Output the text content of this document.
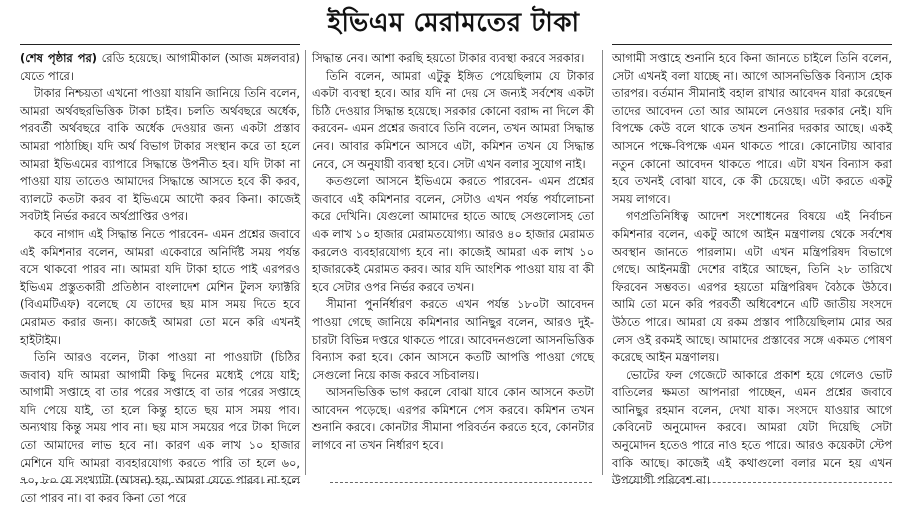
ইভিএম মেরামতের টাকা

(শেষ পৃষ্ঠার পর) রেডি হয়েছে। আগামীকাল (আজ মঙ্গলবার) যেতে পারে।

টাকার নিশ্চয়তা এখনো পাওয়া যায়নি জানিয়ে তিনি বলেন, আমরা অর্থবছরভিত্তিক টাকা চাইব। চলতি অর্থবছরে অর্ধেক, পরবর্তী অর্থবছরে বাকি অর্ধেক দেওয়ার জন্য একটা প্রস্তাব আমরা পাঠাচ্ছি। যদি অর্থ বিভাগ টাকার সংস্থান করে তা হলে আমরা ইভিএমের ব্যাপারে সিদ্ধান্তে উপনীত হব। যদি টাকা না পাওয়া যায় তাতেও আমাদের সিদ্ধান্তে আসতে হবে কী করব, ব্যালটে কতটা করব বা ইভিএমে আদৌ করব কিনা। কাজেই সবটাই নির্ভর করবে অর্থপ্রাপ্তির ওপর।

কবে নাগাদ এই সিদ্ধান্ত নিতে পারবেন- এমন প্রশ্নের জবাবে এই কমিশনার বলেন, আমরা একেবারে অনির্দিষ্ট সময় পর্যন্ত বসে থাকবো পারব না। আমরা যদি টাকা হাতে পাই এরপরও ইভিএম প্রস্তুতকারী প্রতিষ্ঠান বাংলাদেশ মেশিন টুলস ফ্যাক্টরি (বিএমটিএফ) বলেছে যে তাদের ছয় মাস সময় দিতে হবে মেরামত করার জন্য। কাজেই আমরা তো মনে করি এখনই হাইটাইম।

তিনি আরও বলেন, টাকা পাওয়া না পাওয়াটা (চিঠির জবাব) যদি আমরা আগামী কিছু দিনের মধ্যেই পেয়ে যাই; আগামী সপ্তাহে বা তার পরের সপ্তাহে বা তার পরের সপ্তাহে যদি পেয়ে যাই, তা হলে কিন্তু হাতে ছয় মাস সময় পাব। অন্যথায় কিন্তু সময় পাব না। ছয় মাস সময়ের পরে টাকা দিলে তো আমাদের লাভ হবে না। কারণ এক লাখ ১০ হাজার মেশিনে যদি আমরা ব্যবহারযোগ্য করতে পারি তা হলে ৬০, ৭০, ৮০ যে সংখ্যাটা (আসন) হয়, আমরা যেতে পারব। না হলে তো পারব না। বা করব কিনা তো পরে

সিদ্ধান্ত নেব। আশা করছি হয়তো টাকার ব্যবস্থা করবে সরকার।

তিনি বলেন, আমরা এটুকু ইঙ্গিত পেয়েছিলাম যে টাকার একটা ব্যবস্থা হবে। আর যদি না দেয় সে জন্যই সর্বশেষ একটা চিঠি দেওয়ার সিদ্ধান্ত হয়েছে। সরকার কোনো বরাদ্দ না দিলে কী করবেন- এমন প্রশ্নের জবাবে তিনি বলেন, তখন আমরা সিদ্ধান্ত নেব। আবার কমিশনে আসবে এটা, কমিশন তখন যে সিদ্ধান্ত নেবে, সে অনুযায়ী ব্যবস্থা হবে। সেটা এখন বলার সুযোগ নাই।

কতগুলো আসনে ইভিএমে করতে পারবেন- এমন প্রশ্নের জবাবে এই কমিশনার বলেন, সেটাও এখন পর্যন্ত পর্যালোচনা করে দেখিনি। যেগুলো আমাদের হাতে আছে সেগুলোসহ তো এক লাখ ১০ হাজার মেরামতযোগ্য। আরও ৪০ হাজার মেরামত করলেও ব্যবহারযোগ্য হবে না। কাজেই আমরা এক লাখ ১০ হাজারকেই মেরামত করব। আর যদি আংশিক পাওয়া যায় বা কী হবে সেটার ওপর নির্ভর করবে তখন।

সীমানা পুনর্নির্ধারণ করতে এখন পর্যন্ত ১৮০টা আবেদন পাওয়া গেছে জানিয়ে কমিশনার আনিছুর বলেন, আরও দুই-চারটা বিভিন্ন দপ্তরে থাকতে পারে। আবেদনগুলো আসনভিত্তিক বিন্যাস করা হবে। কোন আসনে কতটি আপত্তি পাওয়া গেছে সেগুলো নিয়ে কাজ করবে সচিবালয়।

আসনভিত্তিক ভাগ করলে বোঝা যাবে কোন আসনে কতটা আবেদন পড়েছে। এরপর কমিশনে পেস করবে। কমিশন তখন শুনানি করবে। কোনটার সীমানা পরিবর্তন করতে হবে, কোনটার লাগবে না তখন নির্ধারণ হবে।

আগামী সপ্তাহে শুনানি হবে কিনা জানতে চাইলে তিনি বলেন, সেটা এখনই বলা যাচ্ছে না। আগে আসনভিত্তিক বিন্যাস হোক তারপর। বর্তমান সীমানাই বহাল রাখার আবেদন যারা করেছেন তাদের আবেদন তো আর আমলে নেওয়ার দরকার নেই। যদি বিপক্ষে কেউ বলে থাকে তখন শুনানির দরকার আছে। একই আসনে পক্ষে-বিপক্ষে এমন থাকতে পারে। কোনোটায় আবার নতুন কোনো আবেদন থাকতে পারে। এটা যখন বিন্যাস করা হবে তখনই বোঝা যাবে, কে কী চেয়েছে। এটা করতে একটু সময় লাগবে।

গণপ্রতিনিধিত্ব আদেশ সংশোধনের বিষয়ে এই নির্বাচন কমিশনার বলেন, একটু আগে আইন মন্ত্রণালয় থেকে সর্বশেষ অবস্থান জানতে পারলাম। এটা এখন মন্ত্রিপরিষদ বিভাগে গেছে। আইনমন্ত্রী দেশের বাইরে আছেন, তিনি ২৮ তারিখে ফিরবেন সম্ভবত। এরপর হয়তো মন্ত্রিপরিষদ বৈঠকে উঠবে। আমি তো মনে করি পরবর্তী অধিবেশনে এটি জাতীয় সংসদে উঠতে পারে। আমরা যে রকম প্রস্তাব পাঠিয়েছিলাম মোর অর লেস ওই রকমই আছে। আমাদের প্রস্তাবের সঙ্গে একমত পোষণ করেছে আইন মন্ত্রণালয়।

ভোটের ফল গেজেটে আকারে প্রকাশ হয়ে গেলেও ভোট বাতিলের ক্ষমতা আপনারা পাচ্ছেন, এমন প্রশ্নের জবাবে আনিছুর রহমান বলেন, দেখা যাক। সংসদে যাওয়ার আগে কেবিনেট অনুমোদন করবে। আমরা যেটা দিয়েছি সেটা অনুমোদন হতেও পারে নাও হতে পারে। আরও কয়েকটা স্টেপ বাকি আছে। কাজেই এই কথাগুলো বলার মনে হয় এখন উপযোগী পরিবেশ না।
